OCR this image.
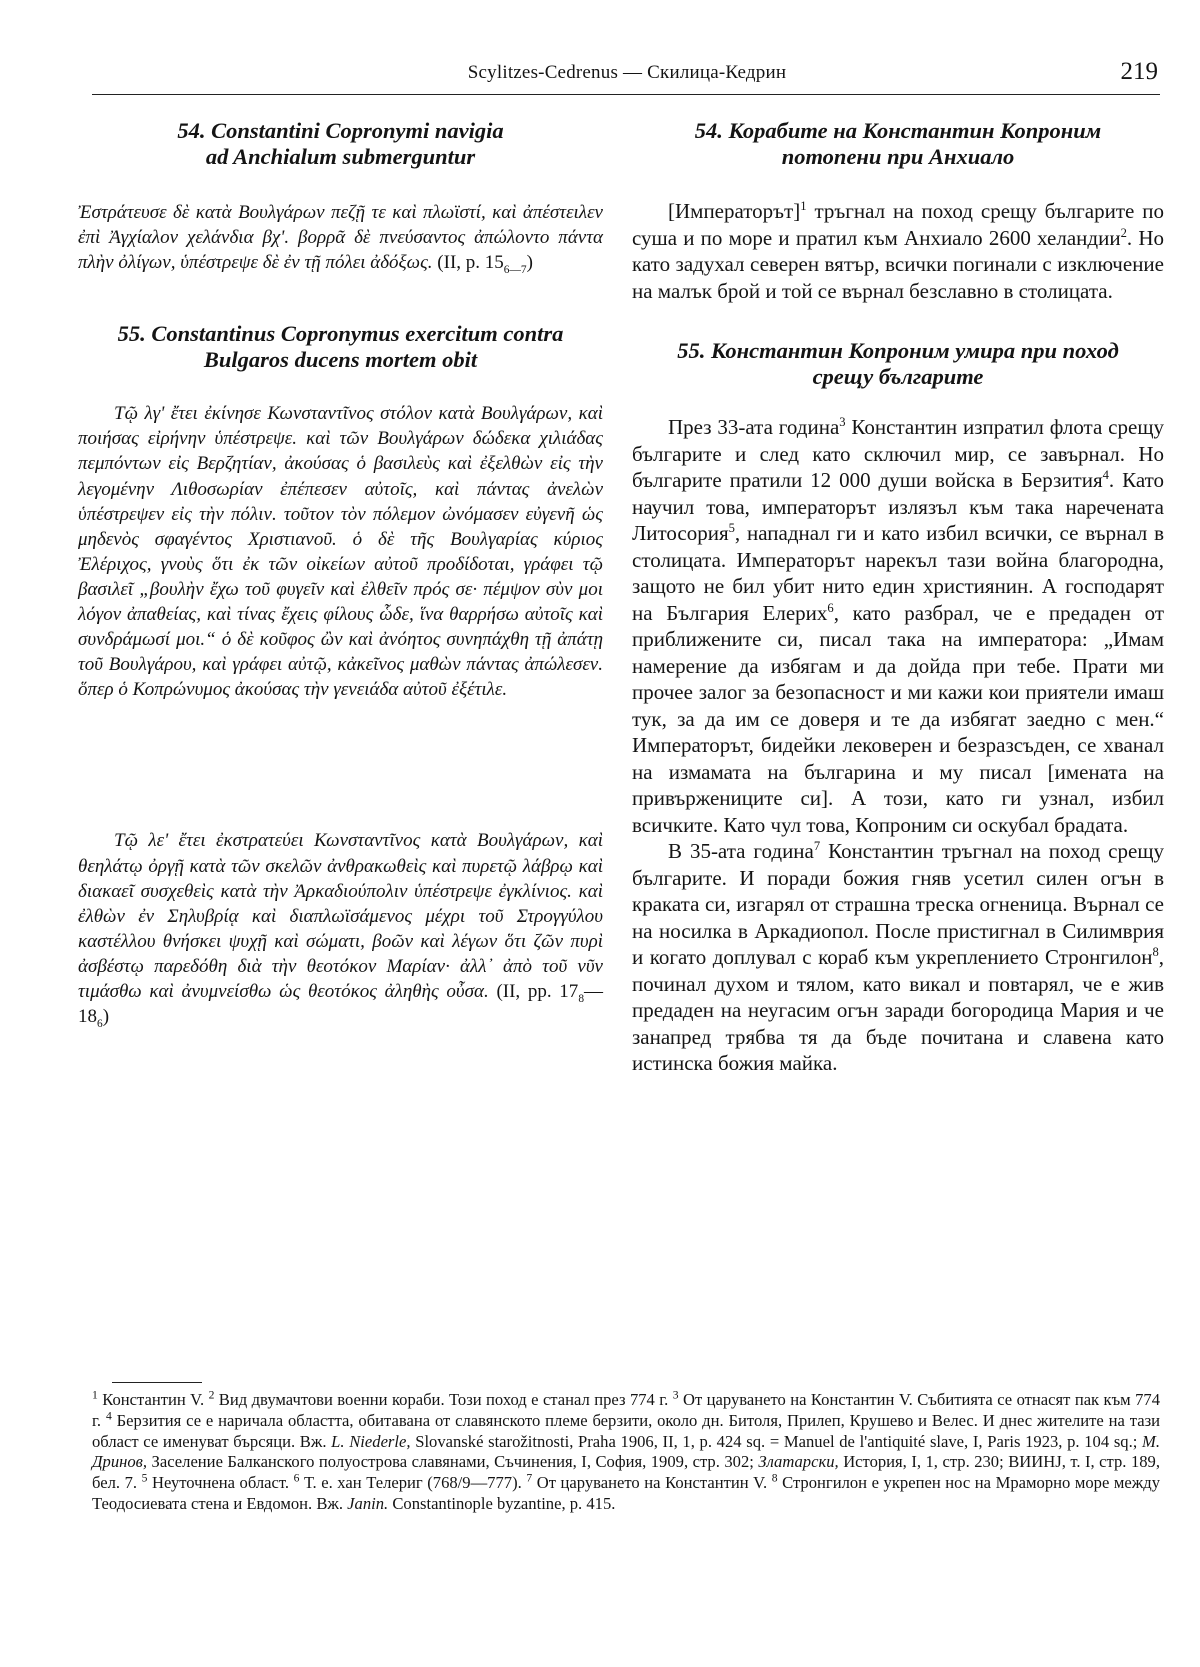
Scylitzes-Cedrenus — Скилица-Кедрин	219
54. Constantini Copronymi navigia
ad Anchialum submerguntur

Ἐστράτευσε δὲ κατὰ Βουλγάρων πεζῇ τε καὶ πλωϊστί, καὶ ἀπέστειλεν ἐπὶ Ἀγχίαλον χελάνδια βχʹ. βορρᾶ δὲ πνεύσαντος ἀπώλοντο πάντα πλὴν ὀλίγων, ὑπέστρεψε δὲ ἐν τῇ πόλει ἀδόξως. (II, p. $15_{6—7}$)

55. Constantinus Copronymus exercitum contra
Bulgaros ducens mortem obit

Τῷ λγʹ ἔτει ἐκίνησε Κωνσταντῖνος στόλον κατὰ Βουλγάρων, καὶ ποιήσας εἰρήνην ὑπέστρεψε. καὶ τῶν Βουλγάρων δώδεκα χιλιάδας πεμπόντων εἰς Βερζητίαν, ἀκούσας ὁ βασιλεὺς καὶ ἐξελθὼν εἰς τὴν λεγομένην Λιθοσωρίαν ἐπέπεσεν αὐτοῖς, καὶ πάντας ἀνελὼν ὑπέστρεψεν εἰς τὴν πόλιν. τοῦτον τὸν πόλεμον ὠνόμασεν εὐγενῆ ὡς μηδενὸς σφαγέντος Χριστιανοῦ. ὁ δὲ τῆς Βουλγαρίας κύριος Ἐλέριχος, γνοὺς ὅτι ἐκ τῶν οἰκείων αὐτοῦ προδίδοται, γράφει τῷ βασιλεῖ „βουλὴν ἔχω τοῦ φυγεῖν καὶ ἐλθεῖν πρός σε· πέμψον σὺν μοι λόγον ἀπαθείας, καὶ τίνας ἔχεις φίλους ὧδε, ἵνα θαρρήσω αὐτοῖς καὶ συνδράμωσί μοι.“ ὁ δὲ κοῦφος ὢν καὶ ἀνόητος συνηπάχθη τῇ ἀπάτῃ τοῦ Βουλγάρου, καὶ γράφει αὐτῷ, κἀκεῖνος μαθὼν πάντας ἀπώλεσεν. ὅπερ ὁ Κοπρώνυμος ἀκούσας τὴν γενειάδα αὐτοῦ ἐξέτιλε.

Τῷ λεʹ ἔτει ἐκστρατεύει Κωνσταντῖνος κατὰ Βουλγάρων, καὶ θεηλάτῳ ὀργῇ κατὰ τῶν σκελῶν ἀνθρακωθεὶς καὶ πυρετῷ λάβρῳ καὶ διακαεῖ συσχεθεὶς κατὰ τὴν Ἀρκαδιούπολιν ὑπέστρεψε ἐγκλίνιος. καὶ ἐλθὼν ἐν Σηλυβρίᾳ καὶ διαπλωϊσάμενος μέχρι τοῦ Στρογγύλου καστέλλου θνήσκει ψυχῇ καὶ σώματι, βοῶν καὶ λέγων ὅτι ζῶν πυρὶ ἀσβέστῳ παρεδόθη διὰ τὴν θεοτόκον Μαρίαν· ἀλλ᾽ ἀπὸ τοῦ νῦν τιμάσθω καὶ ἀνυμνείσθω ὡς θεοτόκος ἀληθὴς οὖσα. (II, pp. $17_8—18_6$)

54. Корабите на Константин Копроним
потопени при Анхиало

[Императорът]$^1$ тръгнал на поход срещу българите по суша и по море и пратил към Анхиало 2600 хеландии$^2$. Но като задухал северен вятър, всички погинали с изключение на малък брой и той се върнал безславно в столицата.

55. Константин Копроним умира при поход
срещу българите

През 33-ата година$^3$ Константин изпратил флота срещу българите и след като сключил мир, се завърнал. Но българите пратили 12 000 души войска в Берзития$^4$. Като научил това, императорът излязъл към така наречената Литосория$^5$, нападнал ги и като избил всички, се върнал в столицата. Императорът нарекъл тази война благородна, защото не бил убит нито един християнин. А господарят на България Елерих$^6$, като разбрал, че е предаден от приближените си, писал така на императора: „Имам намерение да избягам и да дойда при тебе. Прати ми прочее залог за безопасност и ми кажи кои приятели имаш тук, за да им се доверя и те да избягат заедно с мен.“ Императорът, бидейки лековерен и безразсъден, се хванал на измамата на българина и му писал [имената на привържениците си]. А този, като ги узнал, избил всичките. Като чул това, Копроним си оскубал брадата.

В 35-ата година$^7$ Константин тръгнал на поход срещу българите. И поради божия гняв усетил силен огън в краката си, изгарял от страшна треска огненица. Върнал се на носилка в Аркадиопол. После пристигнал в Силимврия и когато доплувал с кораб към укреплението Стронгилон$^8$, починал духом и тялом, като викал и повтарял, че е жив предаден на неугасим огън заради богородица Мария и че занапред трябва тя да бъде почитана и славена като истинска божия майка.

$^1$ Константин V. $^2$ Вид двумачтови военни кораби. Този поход е станал през 774 г. $^3$ От царуването на Константин V. Събитията се отнасят пак към 774 г. $^4$ Берзития се е наричала областта, обитавана от славянското племе берзити, около дн. Битоля, Прилеп, Крушево и Велес. И днес жителите на тази област се именуват бърсяци. Вж. L. Niederle, Slovanské starožitnosti, Praha 1906, II, 1, p. 424 sq. = Manuel de l'antiquité slave, I, Paris 1923, p. 104 sq.; М. Дринов, Заселение Балканского полуострова славянами, Съчинения, I, София, 1909, стр. 302; Златарски, История, I, 1, стр. 230; ВИИНЈ, т. I, стр. 189, бел. 7. $^5$ Неуточнена област. $^6$ Т. е. хан Телериг (768/9—777). $^7$ От царуването на Константин V. $^8$ Стронгилон е укрепен нос на Мраморно море между Теодосиевата стена и Евдомон. Вж. Janin. Constantinople byzantine, p. 415.
